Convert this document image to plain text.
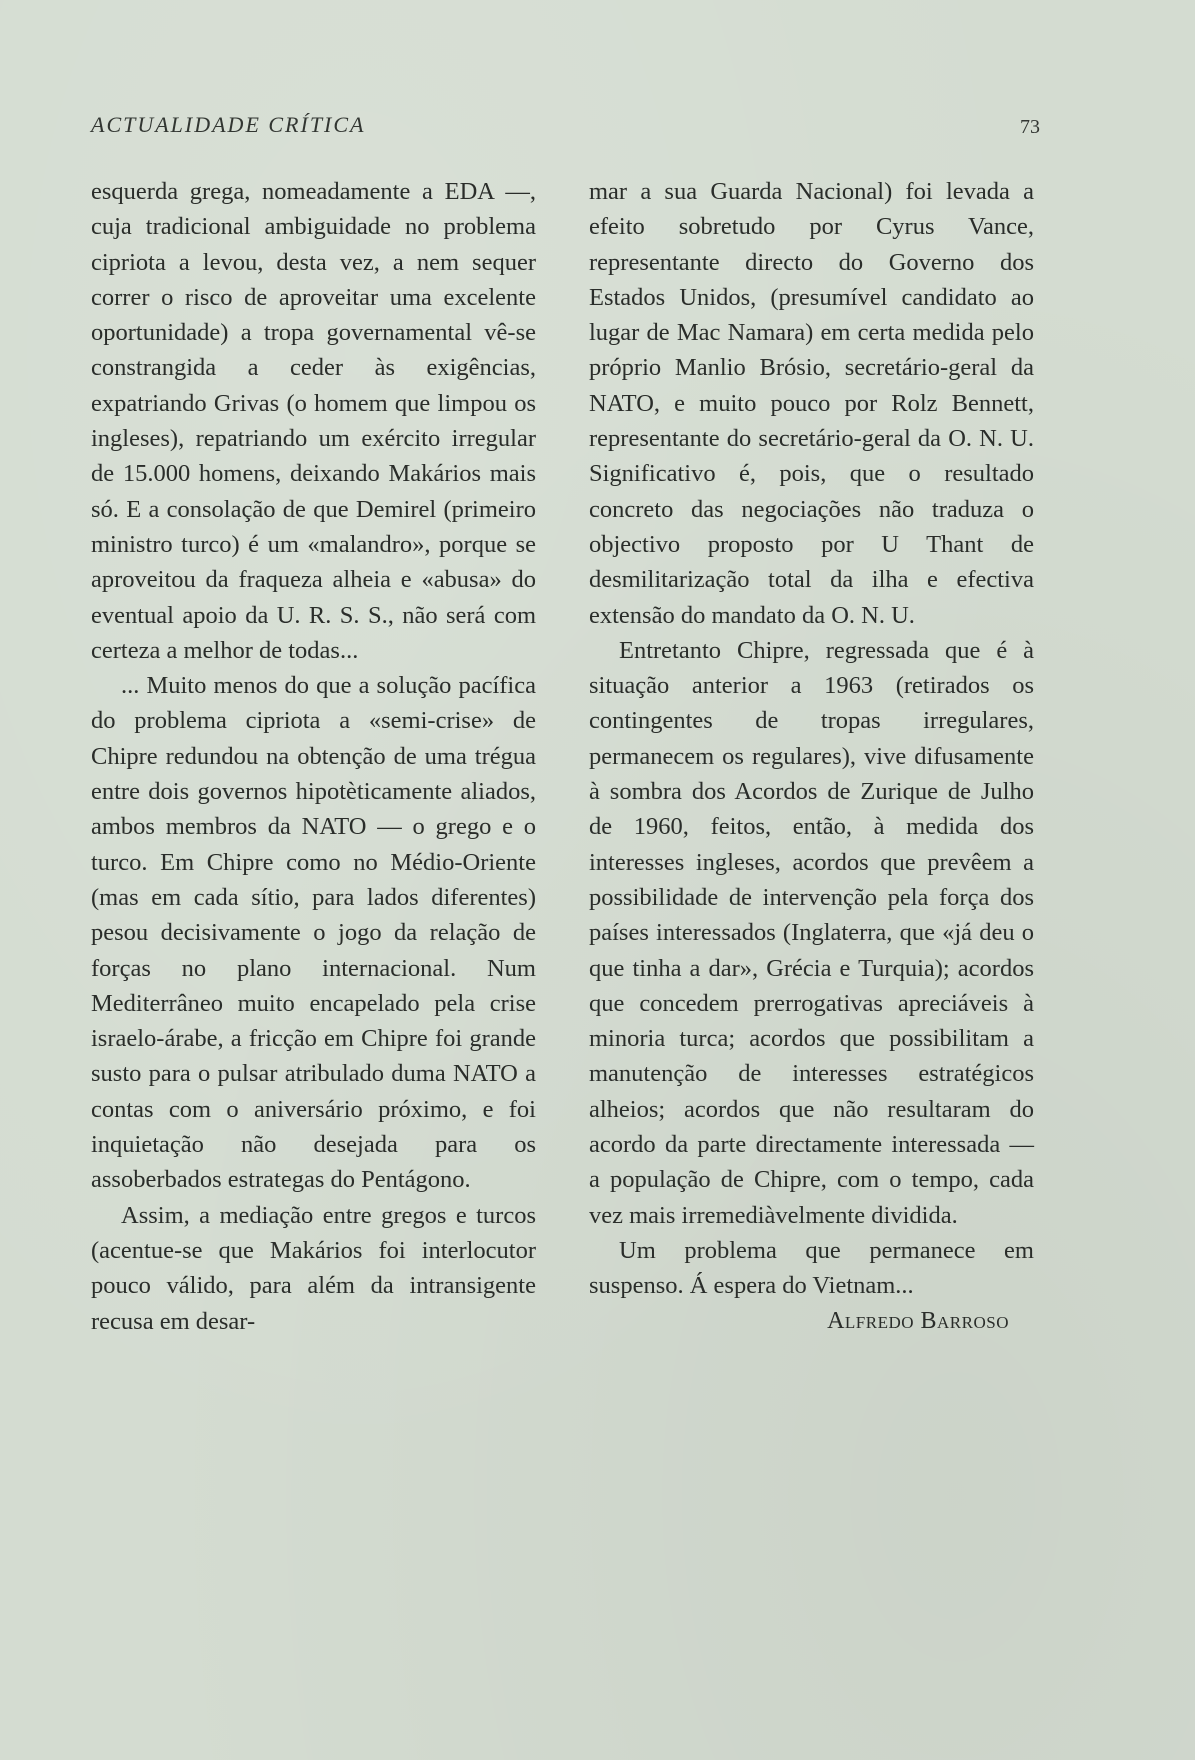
ACTUALIDADE CRÍTICA	73

esquerda grega, nomeadamente a EDA —, cuja tradicional ambiguidade no problema cipriota a levou, desta vez, a nem sequer correr o risco de aproveitar uma excelente oportunidade) a tropa governamental vê-se constrangida a ceder às exigências, expatriando Grivas (o homem que limpou os ingleses), repatriando um exército irregular de 15.000 homens, deixando Makários mais só. E a consolação de que Demirel (primeiro ministro turco) é um «malandro», porque se aproveitou da fraqueza alheia e «abusa» do eventual apoio da U. R. S. S., não será com certeza a melhor de todas...

... Muito menos do que a solução pacífica do problema cipriota a «semi-crise» de Chipre redundou na obtenção de uma trégua entre dois governos hipotèticamente aliados, ambos membros da NATO — o grego e o turco. Em Chipre como no Médio-Oriente (mas em cada sítio, para lados diferentes) pesou decisivamente o jogo da relação de forças no plano internacional. Num Mediterrâneo muito encapelado pela crise israelo-árabe, a fricção em Chipre foi grande susto para o pulsar atribulado duma NATO a contas com o aniversário próximo, e foi inquietação não desejada para os assoberbados estrategas do Pentágono.

Assim, a mediação entre gregos e turcos (acentue-se que Makários foi interlocutor pouco válido, para além da intransigente recusa em desar-

mar a sua Guarda Nacional) foi levada a efeito sobretudo por Cyrus Vance, representante directo do Governo dos Estados Unidos, (presumível candidato ao lugar de Mac Namara) em certa medida pelo próprio Manlio Brósio, secretário-geral da NATO, e muito pouco por Rolz Bennett, representante do secretário-geral da O. N. U. Significativo é, pois, que o resultado concreto das negociações não traduza o objectivo proposto por U Thant de desmilitarização total da ilha e efectiva extensão do mandato da O. N. U.

Entretanto Chipre, regressada que é à situação anterior a 1963 (retirados os contingentes de tropas irregulares, permanecem os regulares), vive difusamente à sombra dos Acordos de Zurique de Julho de 1960, feitos, então, à medida dos interesses ingleses, acordos que prevêem a possibilidade de intervenção pela força dos países interessados (Inglaterra, que «já deu o que tinha a dar», Grécia e Turquia); acordos que concedem prerrogativas apreciáveis à minoria turca; acordos que possibilitam a manutenção de interesses estratégicos alheios; acordos que não resultaram do acordo da parte directamente interessada — a população de Chipre, com o tempo, cada vez mais irremediàvelmente dividida.

Um problema que permanece em suspenso. Á espera do Vietnam...

Alfredo Barroso
